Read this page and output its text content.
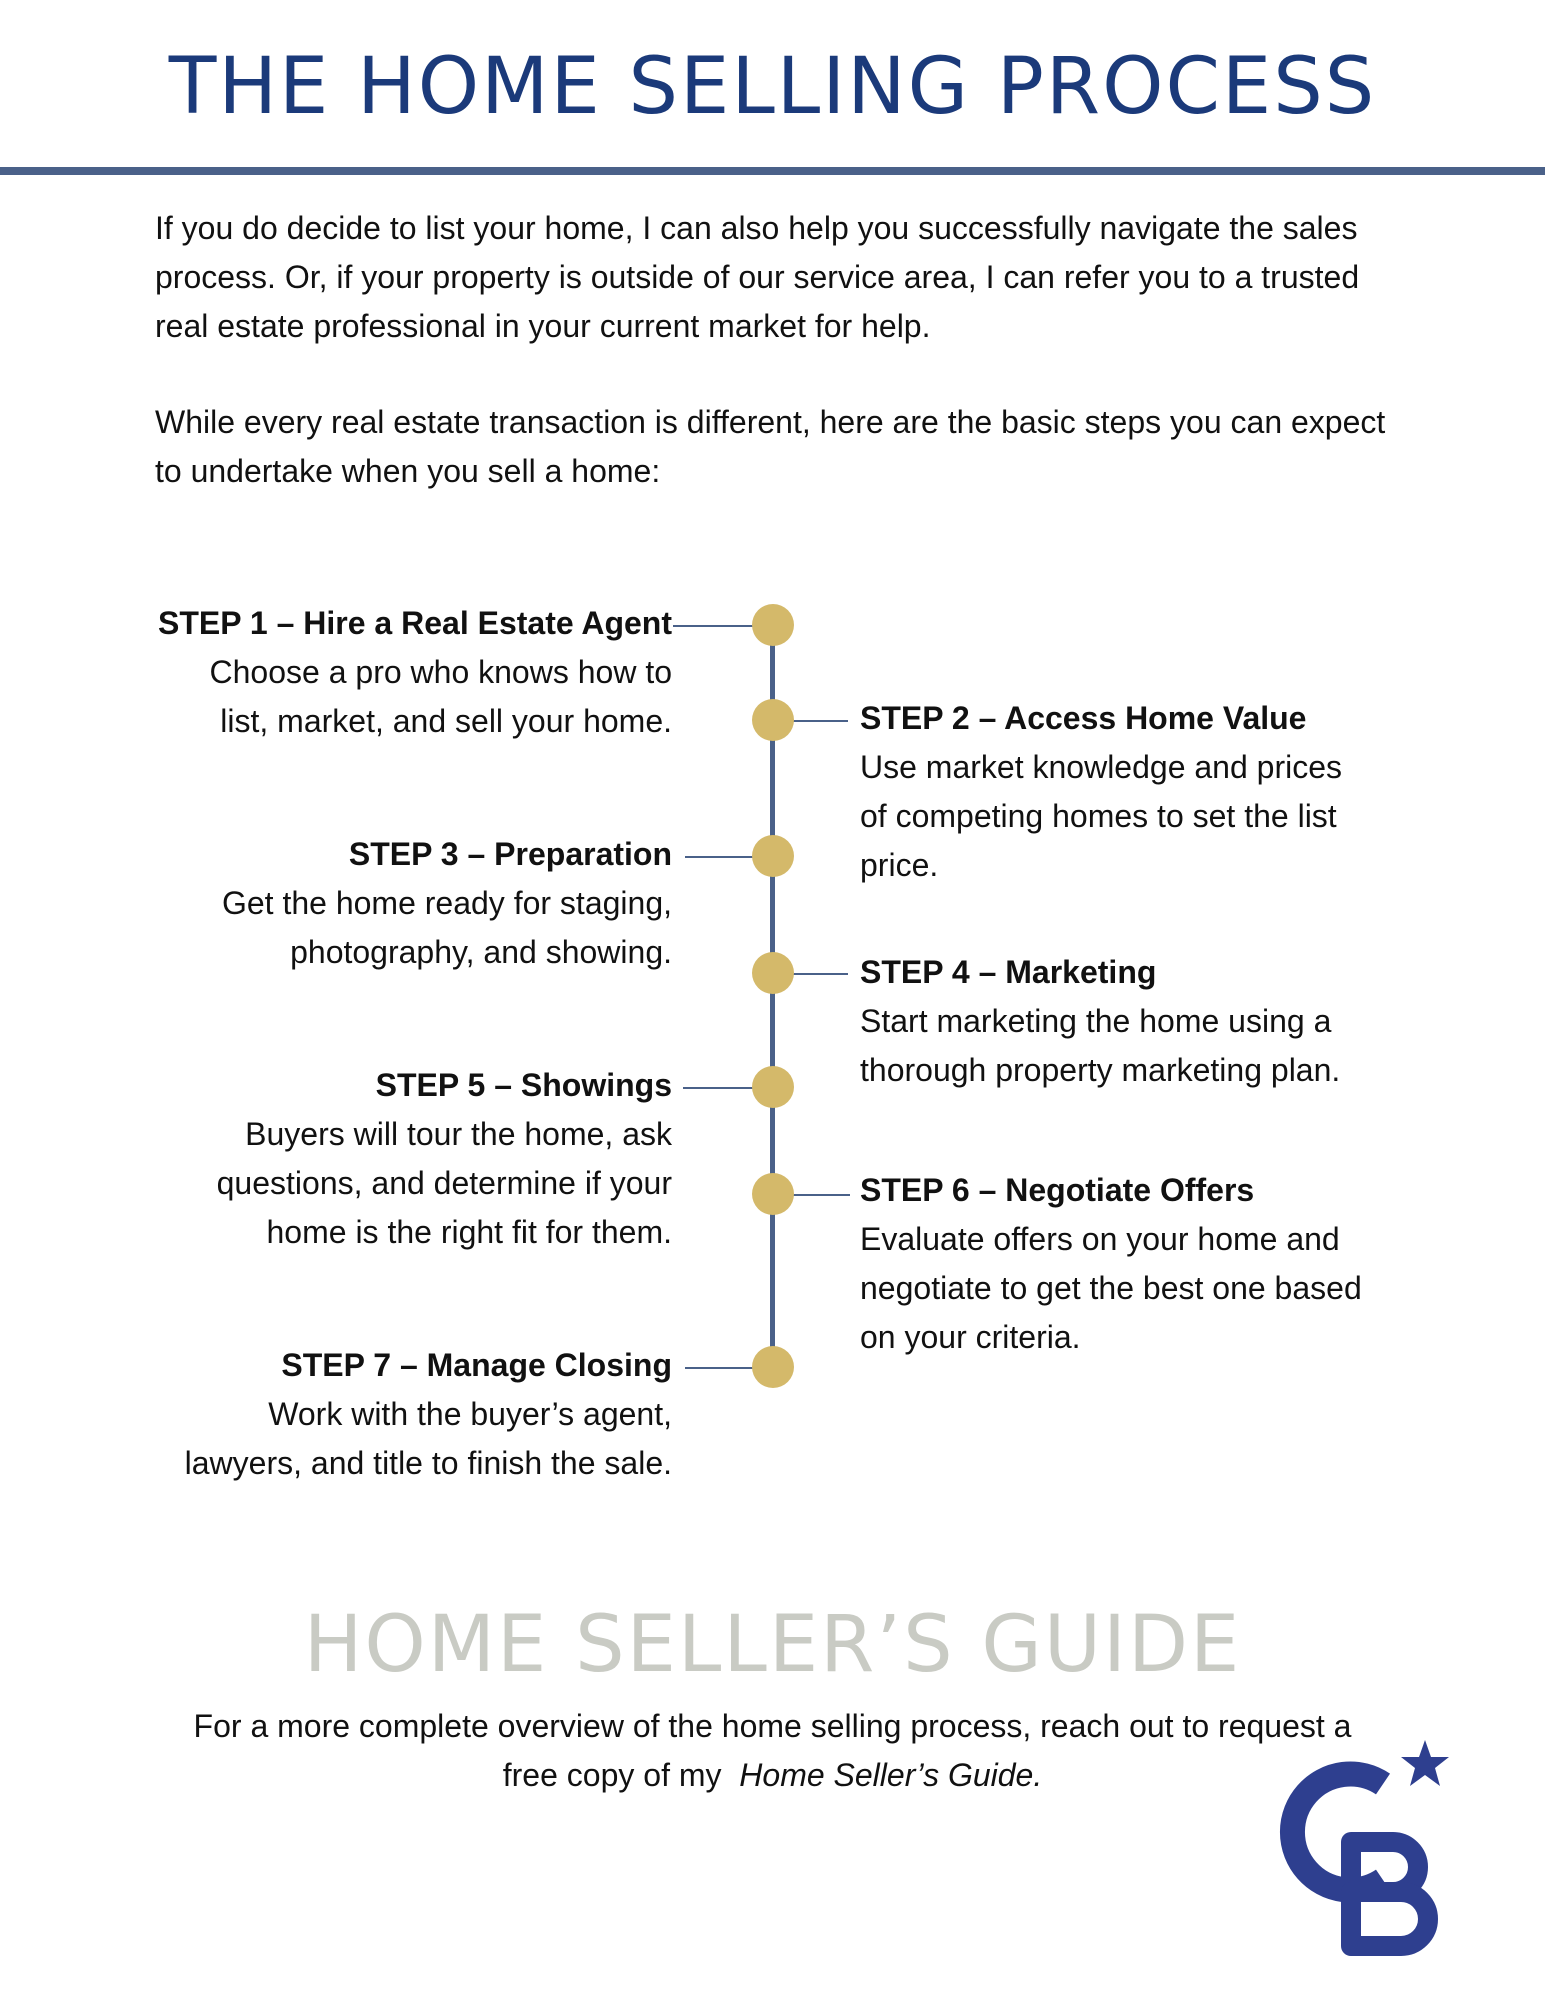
THE HOME SELLING PROCESS
If you do decide to list your home, I can also help you successfully navigate the sales process. Or, if your property is outside of our service area, I can refer you to a trusted real estate professional in your current market for help.
While every real estate transaction is different, here are the basic steps you can expect to undertake when you sell a home:
STEP 1 – Hire a Real Estate Agent
Choose a pro who knows how to
list, market, and sell your home.	STEP 2 – Access Home Value
Use market knowledge and prices
of competing homes to set the list
price.
STEP 3 – Preparation
Get the home ready for staging,
photography, and showing.
STEP 4 – Marketing
Start marketing the home using a
thorough property marketing plan.
STEP 5 – Showings
Buyers will tour the home, ask
questions, and determine if your
home is the right fit for them.
STEP 6 – Negotiate Offers
Evaluate offers on your home and
negotiate to get the best one based
on your criteria.
STEP 7 – Manage Closing
Work with the buyer’s agent,
lawyers, and title to finish the sale.
HOME SELLER’S GUIDE
For a more complete overview of the home selling process, reach out to request a
free copy of my Home Seller’s Guide.
